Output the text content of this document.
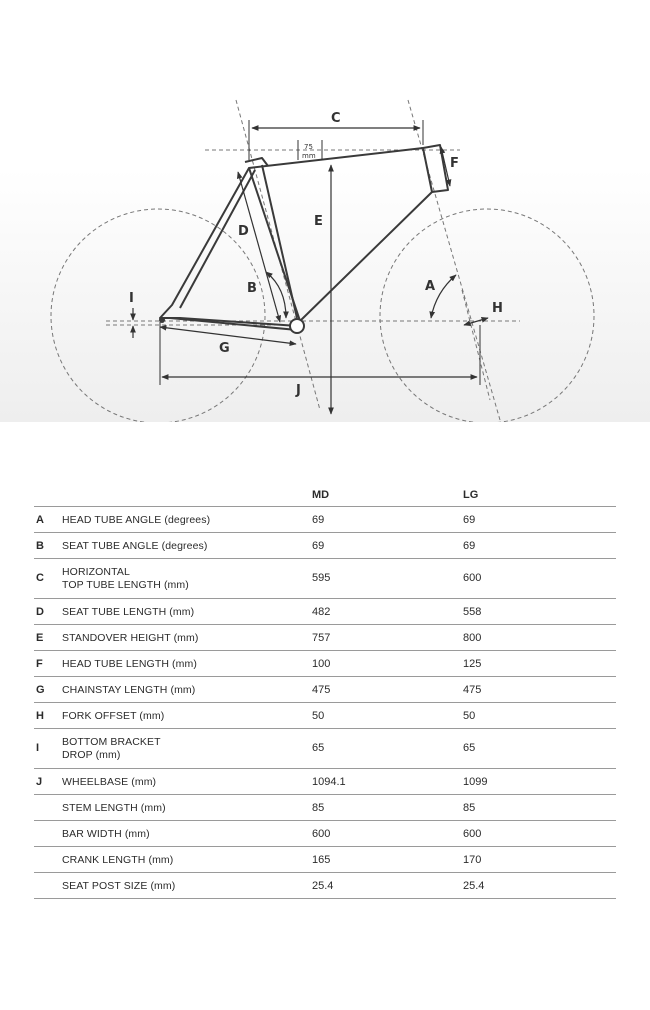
C
75
mm	F
E
D
B	A
H
I
G
J
MD	LG
A HEAD TUBE ANGLE (degrees)	69	69
B SEAT TUBE ANGLE (degrees)	69	69
C HORIZONTAL
TOP TUBE LENGTH (mm)
595	600
D SEAT TUBE LENGTH (mm)	482	558
E STANDOVER HEIGHT (mm)	757	800
F HEAD TUBE LENGTH (mm)	100	125
G CHAINSTAY LENGTH (mm)	475	475
H FORK OFFSET (mm)	50	50
I BOTTOM BRACKET
DROP (mm)
65	65
J WHEELBASE (mm)	1094.1	1099
STEM LENGTH (mm)	85	85
BAR WIDTH (mm)	600	600
CRANK LENGTH (mm)	165	170
SEAT POST SIZE (mm)	25.4	25.4
